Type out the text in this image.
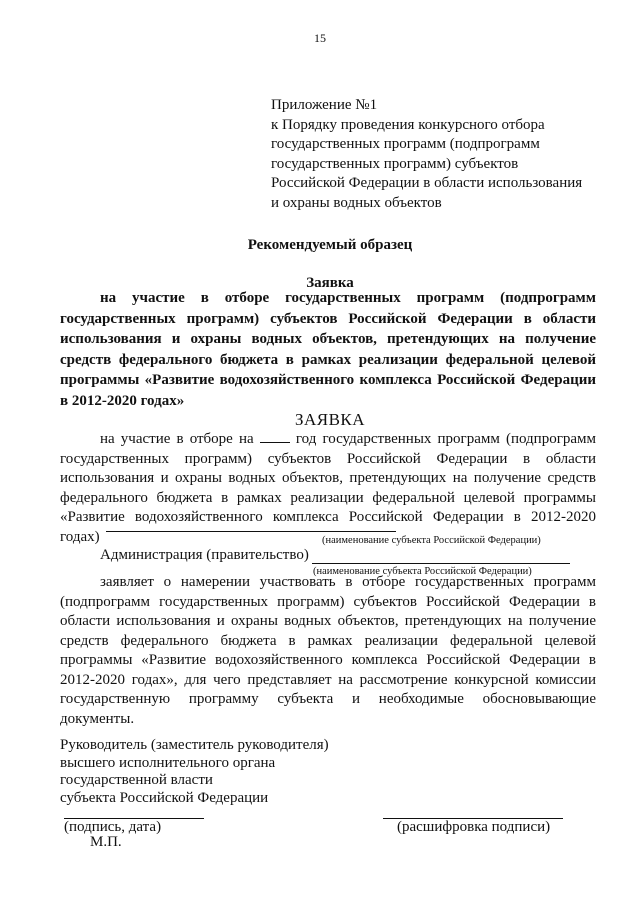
15
Приложение №1
к Порядку проведения конкурсного отбора
государственных программ (подпрограмм
государственных программ) субъектов
Российской Федерации в области использования
и охраны водных объектов
Рекомендуемый образец
Заявка
на участие в отборе государственных программ (подпрограмм государственных программ) субъектов Российской Федерации в области использования и охраны водных объектов, претендующих на получение средств федерального бюджета в рамках реализации федеральной целевой программы «Развитие водохозяйственного комплекса Российской Федерации в 2012-2020 годах»
ЗАЯВКА
на участие в отборе на	год государственных программ (подпрограмм государственных программ) субъектов Российской Федерации в области использования и охраны водных объектов, претендующих на получение средств федерального бюджета в рамках реализации федеральной целевой программы «Развитие водохозяйственного комплекса Российской Федерации в 2012-2020 годах)	(наименование субъекта Российской Федерации)
Администрация (правительство)
(наименование субъекта Российской Федерации)
заявляет о намерении участвовать в отборе государственных программ (подпрограмм государственных программ) субъектов Российской Федерации в области использования и охраны водных объектов, претендующих на получение средств федерального бюджета в рамках реализации федеральной целевой программы «Развитие водохозяйственного комплекса Российской Федерации в 2012-2020 годах», для чего представляет на рассмотрение конкурсной комиссии государственную программу субъекта и необходимые обосновывающие документы.
Руководитель (заместитель руководителя)
высшего исполнительного органа
государственной власти
субъекта Российской Федерации
(подпись, дата)
М.П.
(расшифровка подписи)
